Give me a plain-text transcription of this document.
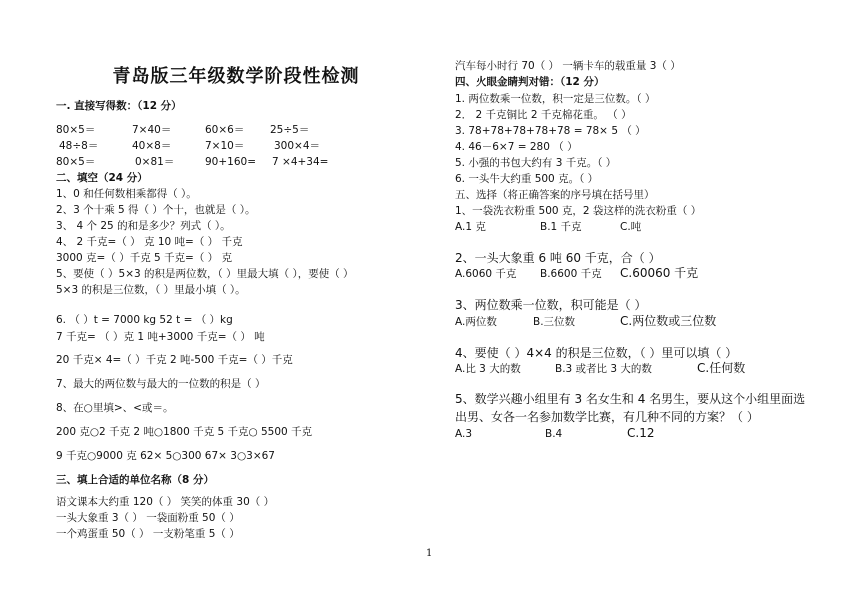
青岛版三年级数学阶段性检测
一. 直接写得数：（12 分）
80×5＝	7×40＝	60×6＝ 25÷5＝
48÷8＝	40×8＝	7×10＝	300×4＝
80×5＝	0×81＝	90+160= 7 ×4+34=
二、填空（24 分）
1、0 和任何数相乘都得（ ）。
2、3 个十乘 5 得（ ）个十，也就是（ ）。
3、 4 个 25 的和是多少？列式（ ）。
4、 2 千克=（ ） 克 10 吨=（ ） 千克
3000 克=（ ）千克 5 千克=（ ） 克
5、要使（ ）5×3 的积是两位数，（ ）里最大填（ ），要使（ ）
5×3 的积是三位数，（ ）里最小填（ ）。
6. （ ）t = 7000 kg 52 t = （ ）kg
7 千克= （ ）克 1 吨+3000 千克=（ ） 吨
20 千克× 4=（ ）千克 2 吨-500 千克=（ ）千克
7、最大的两位数与最大的一位数的积是（ ）
8、在○里填>、<或＝。
200 克○2 千克 2 吨○1800 千克 5 千克○ 5500 千克
9 千克○9000 克 62× 5○300 67× 3○3×67
三、填上合适的单位名称（8 分）
语文课本大约重 120（ ） 笑笑的体重 30（ ）
一头大象重 3（ ） 一袋面粉重 50（ ）
一个鸡蛋重 50（ ） 一支粉笔重 5（ ）
汽车每小时行 70（ ） 一辆卡车的载重量 3（ ）
四、火眼金睛判对错：（12 分）
1. 两位数乘一位数，积一定是三位数。（ ）
2． 2 千克铜比 2 千克棉花重。 （ ）
3. 78+78+78+78+78 = 78× 5 （ ）
4. 46－6×7 = 280 （ ）
5. 小强的书包大约有 3 千克。（ ）
6. 一头牛大约重 500 克。（ ）
五、选择（将正确答案的序号填在括号里）
1、一袋洗衣粉重 500 克，2 袋这样的洗衣粉重（ ）
A.1 克	B.1 千克	C.吨
2、一头大象重 6 吨 60 千克，合（ ）
A.6060 千克 B.6600 千克 C.60060 千克
3、两位数乘一位数，积可能是（ ）
A.两位数	B.三位数	C.两位数或三位数
4、要使（ ）4×4 的积是三位数，（ ）里可以填（ ）
A.比 3 大的数	B.3 或者比 3 大的数	C.任何数
5、数学兴趣小组里有 3 名女生和 4 名男生，要从这个小组里面选
出男、女各一名参加数学比赛，有几种不同的方案？（ ）
A.3	B.4	C.12
1
